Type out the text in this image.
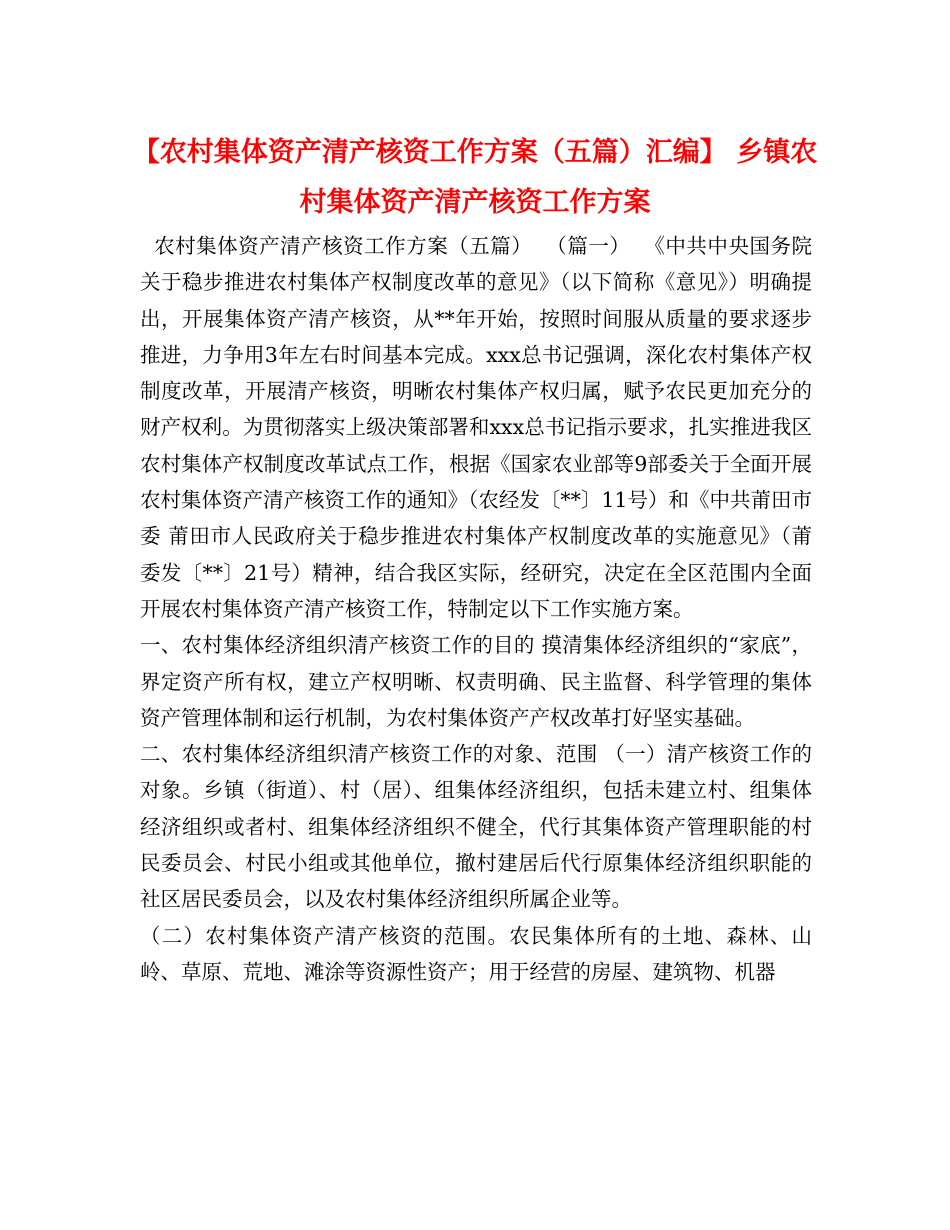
【农村集体资产清产核资工作方案（五篇）汇编】 乡镇农村集体资产清产核资工作方案

农村集体资产清产核资工作方案（五篇）  （篇一）  《中共中央国务院关于稳步推进农村集体产权制度改革的意见》（以下简称《意见》）明确提出，开展集体资产清产核资，从**年开始，按照时间服从质量的要求逐步推进，力争用3年左右时间基本完成。xxx总书记强调，深化农村集体产权制度改革，开展清产核资，明晰农村集体产权归属，赋予农民更加充分的财产权利。为贯彻落实上级决策部署和xxx总书记指示要求，扎实推进我区农村集体产权制度改革试点工作，根据《国家农业部等9部委关于全面开展农村集体资产清产核资工作的通知》（农经发〔**〕11号）和《中共莆田市委 莆田市人民政府关于稳步推进农村集体产权制度改革的实施意见》（莆委发〔**〕21号）精神，结合我区实际，经研究，决定在全区范围内全面开展农村集体资产清产核资工作，特制定以下工作实施方案。

一、农村集体经济组织清产核资工作的目的 摸清集体经济组织的“家底”，界定资产所有权，建立产权明晰、权责明确、民主监督、科学管理的集体资产管理体制和运行机制，为农村集体资产产权改革打好坚实基础。

二、农村集体经济组织清产核资工作的对象、范围 （一）清产核资工作的对象。乡镇（街道）、村（居）、组集体经济组织，包括未建立村、组集体经济组织或者村、组集体经济组织不健全，代行其集体资产管理职能的村民委员会、村民小组或其他单位，撤村建居后代行原集体经济组织职能的社区居民委员会，以及农村集体经济组织所属企业等。

（二）农村集体资产清产核资的范围。农民集体所有的土地、森林、山岭、草原、荒地、滩涂等资源性资产；用于经营的房屋、建筑物、机器
